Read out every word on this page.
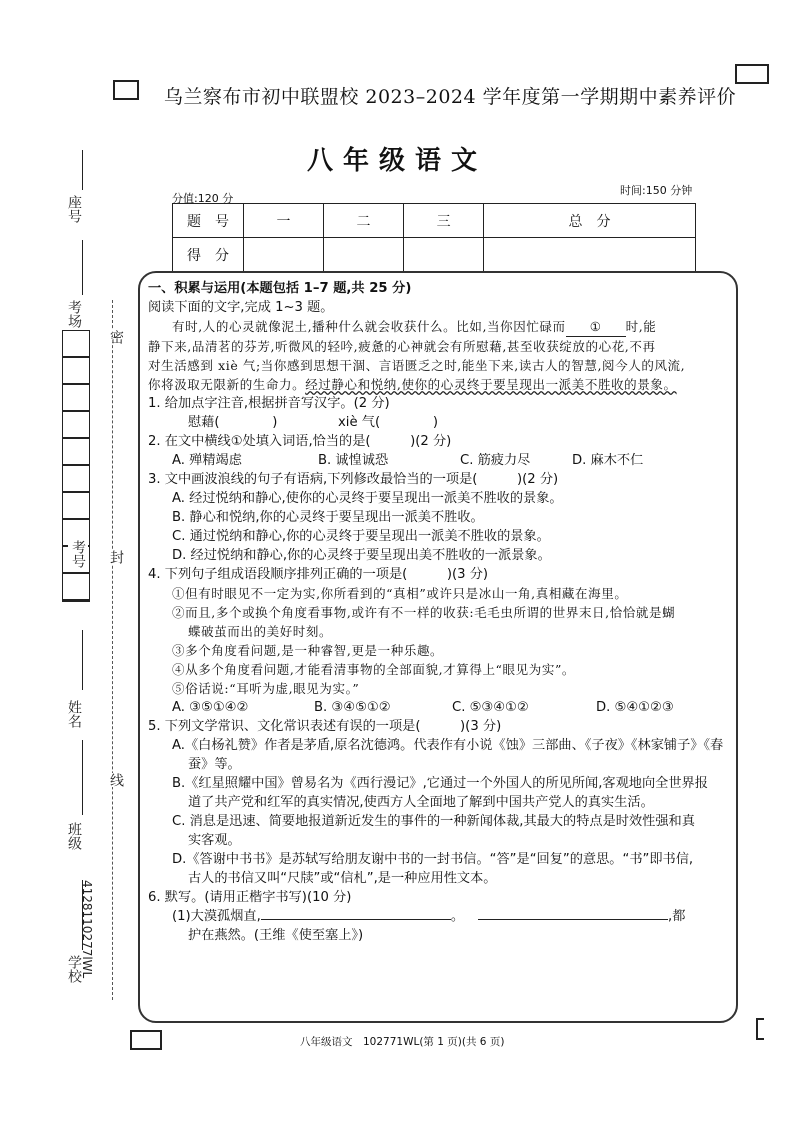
座号
考场
考号
姓名
班级
学校
4128110277lWL
密
封
线
乌兰察布市初中联盟校 2023–2024 学年度第一学期期中素养评价
八年级语文
分值:120 分
时间:150 分钟
题　号	一	二	三	总　分
得　分				

一、积累与运用(本题包括 1–7 题,共 25 分)

阅读下面的文字,完成 1~3 题。

有时,人的心灵就像泥土,播种什么就会收获什么。比如,当你因忙碌而 ① 时,能

静下来,品清茗的芬芳,听微风的轻吟,疲惫的心神就会有所慰藉,甚至收获绽放的心花,不再

对生活感到 xiè 气;当你感到思想干涸、言语匮乏之时,能坐下来,读古人的智慧,阅今人的风流,

你将汲取无限新的生命力。经过静心和悦纳,使你的心灵终于要呈现出一派美不胜收的景象。

1. 给加点字注音,根据拼音写汉字。(2 分)

慰藉(　　　　)	xiè 气(　　　　)

2. 在文中横线①处填入词语,恰当的是(　　　)(2 分)

A. 殚精竭虑	B. 诚惶诚恐	C. 筋疲力尽	D. 麻木不仁

3. 文中画波浪线的句子有语病,下列修改最恰当的一项是(　　　)(2 分)

A. 经过悦纳和静心,使你的心灵终于要呈现出一派美不胜收的景象。

B. 静心和悦纳,你的心灵终于要呈现出一派美不胜收。

C. 通过悦纳和静心,你的心灵终于要呈现出一派美不胜收的景象。

D. 经过悦纳和静心,你的心灵终于要呈现出美不胜收的一派景象。

4. 下列句子组成语段顺序排列正确的一项是(　　　)(3 分)

①但有时眼见不一定为实,你所看到的“真相”或许只是冰山一角,真相藏在海里。

②而且,多个或换个角度看事物,或许有不一样的收获:毛毛虫所谓的世界末日,恰恰就是蝴

蝶破茧而出的美好时刻。

③多个角度看问题,是一种睿智,更是一种乐趣。

④从多个角度看问题,才能看清事物的全部面貌,才算得上“眼见为实”。

⑤俗话说:“耳听为虚,眼见为实。”

A. ③⑤①④②	B. ③④⑤①②	C. ⑤③④①②	D. ⑤④①②③

5. 下列文学常识、文化常识表述有误的一项是(　　　)(3 分)

A.《白杨礼赞》作者是茅盾,原名沈德鸿。代表作有小说《蚀》三部曲、《子夜》《林家铺子》《春

蚕》等。

B.《红星照耀中国》曾易名为《西行漫记》,它通过一个外国人的所见所闻,客观地向全世界报

道了共产党和红军的真实情况,使西方人全面地了解到中国共产党人的真实生活。

C. 消息是迅速、简要地报道新近发生的事件的一种新闻体裁,其最大的特点是时效性强和真

实客观。

D.《答谢中书书》是苏轼写给朋友谢中书的一封书信。“答”是“回复”的意思。“书”即书信,

古人的书信又叫“尺牍”或“信札”,是一种应用性文本。

6. 默写。(请用正楷字书写)(10 分)

(1)大漠孤烟直,	。	,都

护在燕然。(王维《使至塞上》)

八年级语文　102771WL(第 1 页)(共 6 页)
